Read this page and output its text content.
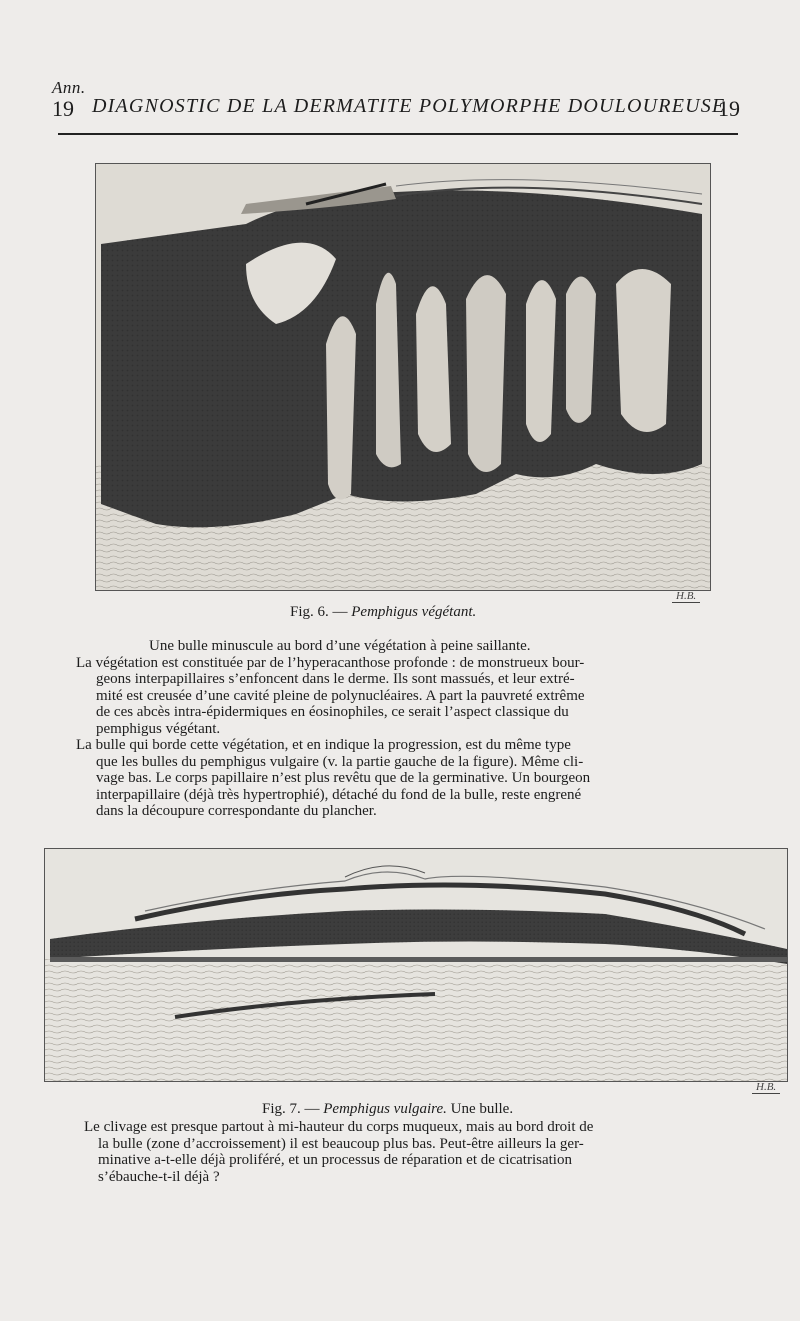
Ann.
19 DIAGNOSTIC DE LA DERMATITE POLYMORPHE DOULOUREUSE
19
H.B.
Fig. 6. — Pemphigus végétant.
Une bulle minuscule au bord d’une végétation à peine saillante.
La végétation est constituée par de l’hyperacanthose profonde : de monstrueux bour-
geons interpapillaires s’enfoncent dans le derme. Ils sont massués, et leur extré-
mité est creusée d’une cavité pleine de polynucléaires. A part la pauvreté extrême
de ces abcès intra-épidermiques en éosinophiles, ce serait l’aspect classique du
pemphigus végétant.
La bulle qui borde cette végétation, et en indique la progression, est du même type
que les bulles du pemphigus vulgaire (v. la partie gauche de la figure). Même cli-
vage bas. Le corps papillaire n’est plus revêtu que de la germinative. Un bourgeon
interpapillaire (déjà très hypertrophié), détaché du fond de la bulle, reste engrené
dans la découpure correspondante du plancher.
H.B.
Fig. 7. — Pemphigus vulgaire. Une bulle.
Le clivage est presque partout à mi-hauteur du corps muqueux, mais au bord droit de
la bulle (zone d’accroissement) il est beaucoup plus bas. Peut-être ailleurs la ger-
minative a-t-elle déjà proliféré, et un processus de réparation et de cicatrisation
s’ébauche-t-il déjà ?
